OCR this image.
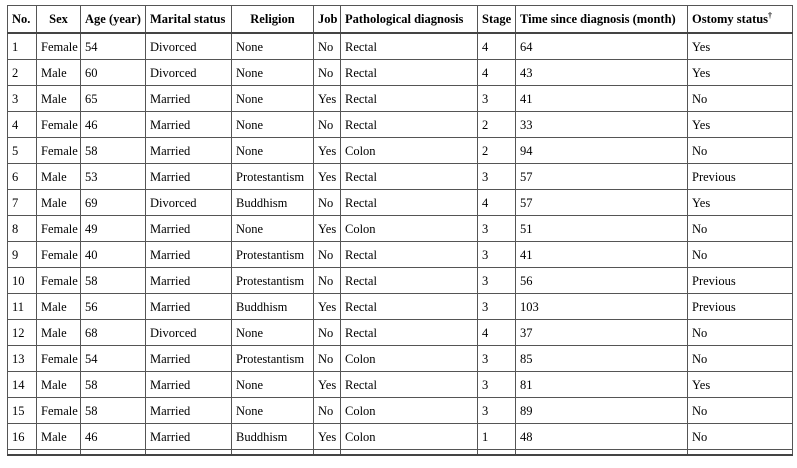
No.	Sex	Age (year)	Marital status	Religion	Job	Pathological diagnosis	Stage	Time since diagnosis (month)	Ostomy status†
1	Female	54	Divorced	None	No	Rectal	4	64	Yes
2	Male	60	Divorced	None	No	Rectal	4	43	Yes
3	Male	65	Married	None	Yes	Rectal	3	41	No
4	Female	46	Married	None	No	Rectal	2	33	Yes
5	Female	58	Married	None	Yes	Colon	2	94	No
6	Male	53	Married	Protestantism	Yes	Rectal	3	57	Previous
7	Male	69	Divorced	Buddhism	No	Rectal	4	57	Yes
8	Female	49	Married	None	Yes	Colon	3	51	No
9	Female	40	Married	Protestantism	No	Rectal	3	41	No
10	Female	58	Married	Protestantism	No	Rectal	3	56	Previous
11	Male	56	Married	Buddhism	Yes	Rectal	3	103	Previous
12	Male	68	Divorced	None	No	Rectal	4	37	No
13	Female	54	Married	Protestantism	No	Colon	3	85	No
14	Male	58	Married	None	Yes	Rectal	3	81	Yes
15	Female	58	Married	None	No	Colon	3	89	No
16	Male	46	Married	Buddhism	Yes	Colon	1	48	No
